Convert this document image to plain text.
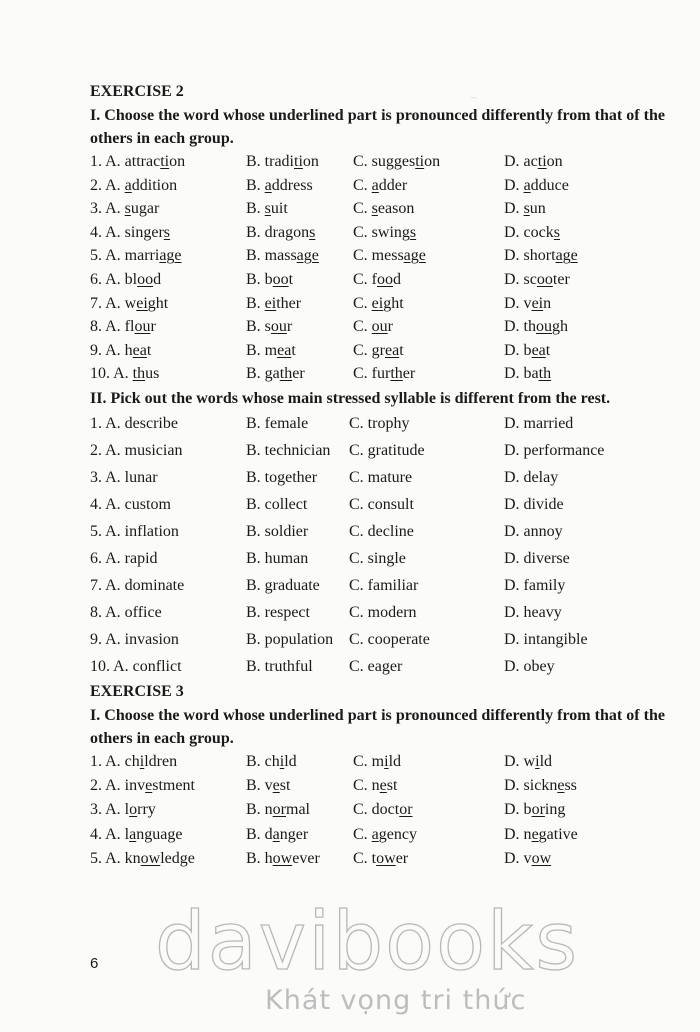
~
EXERCISE 2
I. Choose the word whose underlined part is pronounced differently from that of the others in each group.
1. A. attraction	B. tradition C. suggestion	D. action
2. A. addition	B. address	C. adder	D. adduce
3. A. sugar	B. suit	C. season	D. sun
4. A. singers	B. dragons C. swings	D. cocks
5. A. marriage	B. massage C. message	D. shortage
6. A. blood	B. boot	C. food	D. scooter
7. A. weight	B. either	C. eight	D. vein
8. A. flour	B. sour	C. our	D. though
9. A. heat	B. meat	C. great	D. beat
10. A. thus	B. gather	C. further	D. bath
II. Pick out the words whose main stressed syllable is different from the rest.
1. A. describe	B. female	C. trophy	D. married
2. A. musician	B. technician C. gratitude	D. performance
3. A. lunar	B. together C. mature	D. delay
4. A. custom	B. collect	C. consult	D. divide
5. A. inflation	B. soldier	C. decline	D. annoy
6. A. rapid	B. human	C. single	D. diverse
7. A. dominate	B. graduate C. familiar	D. family
8. A. office	B. respect C. modern	D. heavy
9. A. invasion	B. population C. cooperate	D. intangible
10. A. conflict	B. truthful C. eager	D. obey
EXERCISE 3
I. Choose the word whose underlined part is pronounced differently from that of the others in each group.
1. A. children	B. child	C. mild	D. wild
2. A. investment	B. vest	C. nest	D. sickness
3. A. lorry	B. normal	C. doctor	D. boring
4. A. language	B. danger	C. agency	D. negative
5. A. knowledge	B. however C. tower	D. vow
6 davibooks
Khát vọng tri thức
